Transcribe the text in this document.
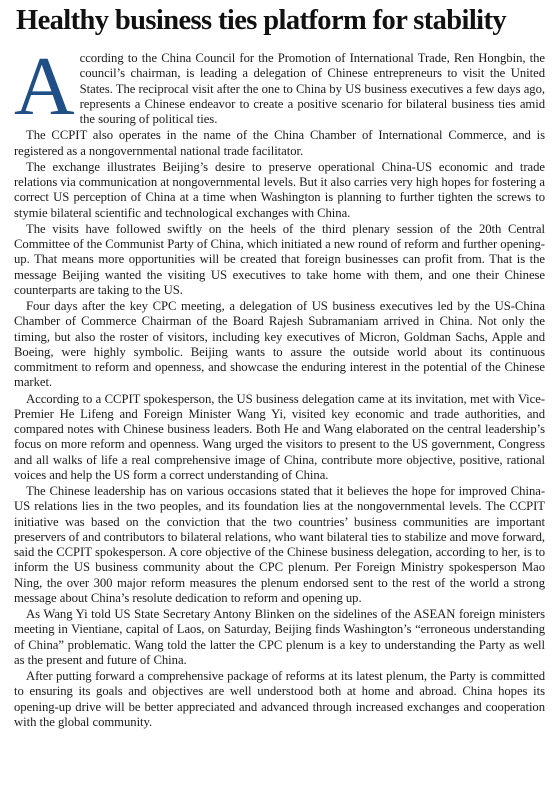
Healthy business ties platform for stability

According to the China Council for the Promotion of International Trade, Ren Hongbin, the council’s chairman, is leading a delegation of Chinese entrepreneurs to visit the United States. The reciprocal visit after the one to China by US business executives a few days ago, represents a Chinese endeavor to create a positive scenario for bilateral business ties amid the souring of political ties.

The CCPIT also operates in the name of the China Chamber of International Commerce, and is registered as a nongovernmental national trade facilitator.

The exchange illustrates Beijing’s desire to preserve operational China-US economic and trade relations via communication at nongovernmental levels. But it also carries very high hopes for fostering a correct US perception of China at a time when Washington is planning to further tighten the screws to stymie bilateral scientific and technological exchanges with China.

The visits have followed swiftly on the heels of the third plenary session of the 20th Central Committee of the Communist Party of China, which initiated a new round of reform and further opening-up. That means more opportunities will be created that foreign businesses can profit from. That is the message Beijing wanted the visiting US executives to take home with them, and one their Chinese counterparts are taking to the US.

Four days after the key CPC meeting, a delegation of US business executives led by the US-China Chamber of Commerce Chairman of the Board Rajesh Subramaniam arrived in China. Not only the timing, but also the roster of visitors, including key executives of Micron, Goldman Sachs, Apple and Boeing, were highly symbolic. Beijing wants to assure the outside world about its continuous commitment to reform and openness, and showcase the enduring interest in the potential of the Chinese market.

According to a CCPIT spokesperson, the US business delegation came at its invitation, met with Vice-Premier He Lifeng and Foreign Minister Wang Yi, visited key economic and trade authorities, and compared notes with Chinese business leaders. Both He and Wang elaborated on the central leadership’s focus on more reform and openness. Wang urged the visitors to present to the US government, Congress and all walks of life a real comprehensive image of China, contribute more objective, positive, rational voices and help the US form a correct understanding of China.

The Chinese leadership has on various occasions stated that it believes the hope for improved China-US relations lies in the two peoples, and its foundation lies at the nongovernmental levels. The CCPIT initiative was based on the conviction that the two countries’ business communities are important preservers of and contributors to bilateral relations, who want bilateral ties to stabilize and move forward, said the CCPIT spokesperson. A core objective of the Chinese business delegation, according to her, is to inform the US business community about the CPC plenum. Per Foreign Ministry spokesperson Mao Ning, the over 300 major reform measures the plenum endorsed sent to the rest of the world a strong message about China’s resolute dedication to reform and opening up.

As Wang Yi told US State Secretary Antony Blinken on the sidelines of the ASEAN foreign ministers meeting in Vientiane, capital of Laos, on Saturday, Beijing finds Washington’s “erroneous understanding of China” problematic. Wang told the latter the CPC plenum is a key to understanding the Party as well as the present and future of China.

After putting forward a comprehensive package of reforms at its latest plenum, the Party is committed to ensuring its goals and objectives are well understood both at home and abroad. China hopes its opening-up drive will be better appreciated and advanced through increased exchanges and cooperation with the global community.
